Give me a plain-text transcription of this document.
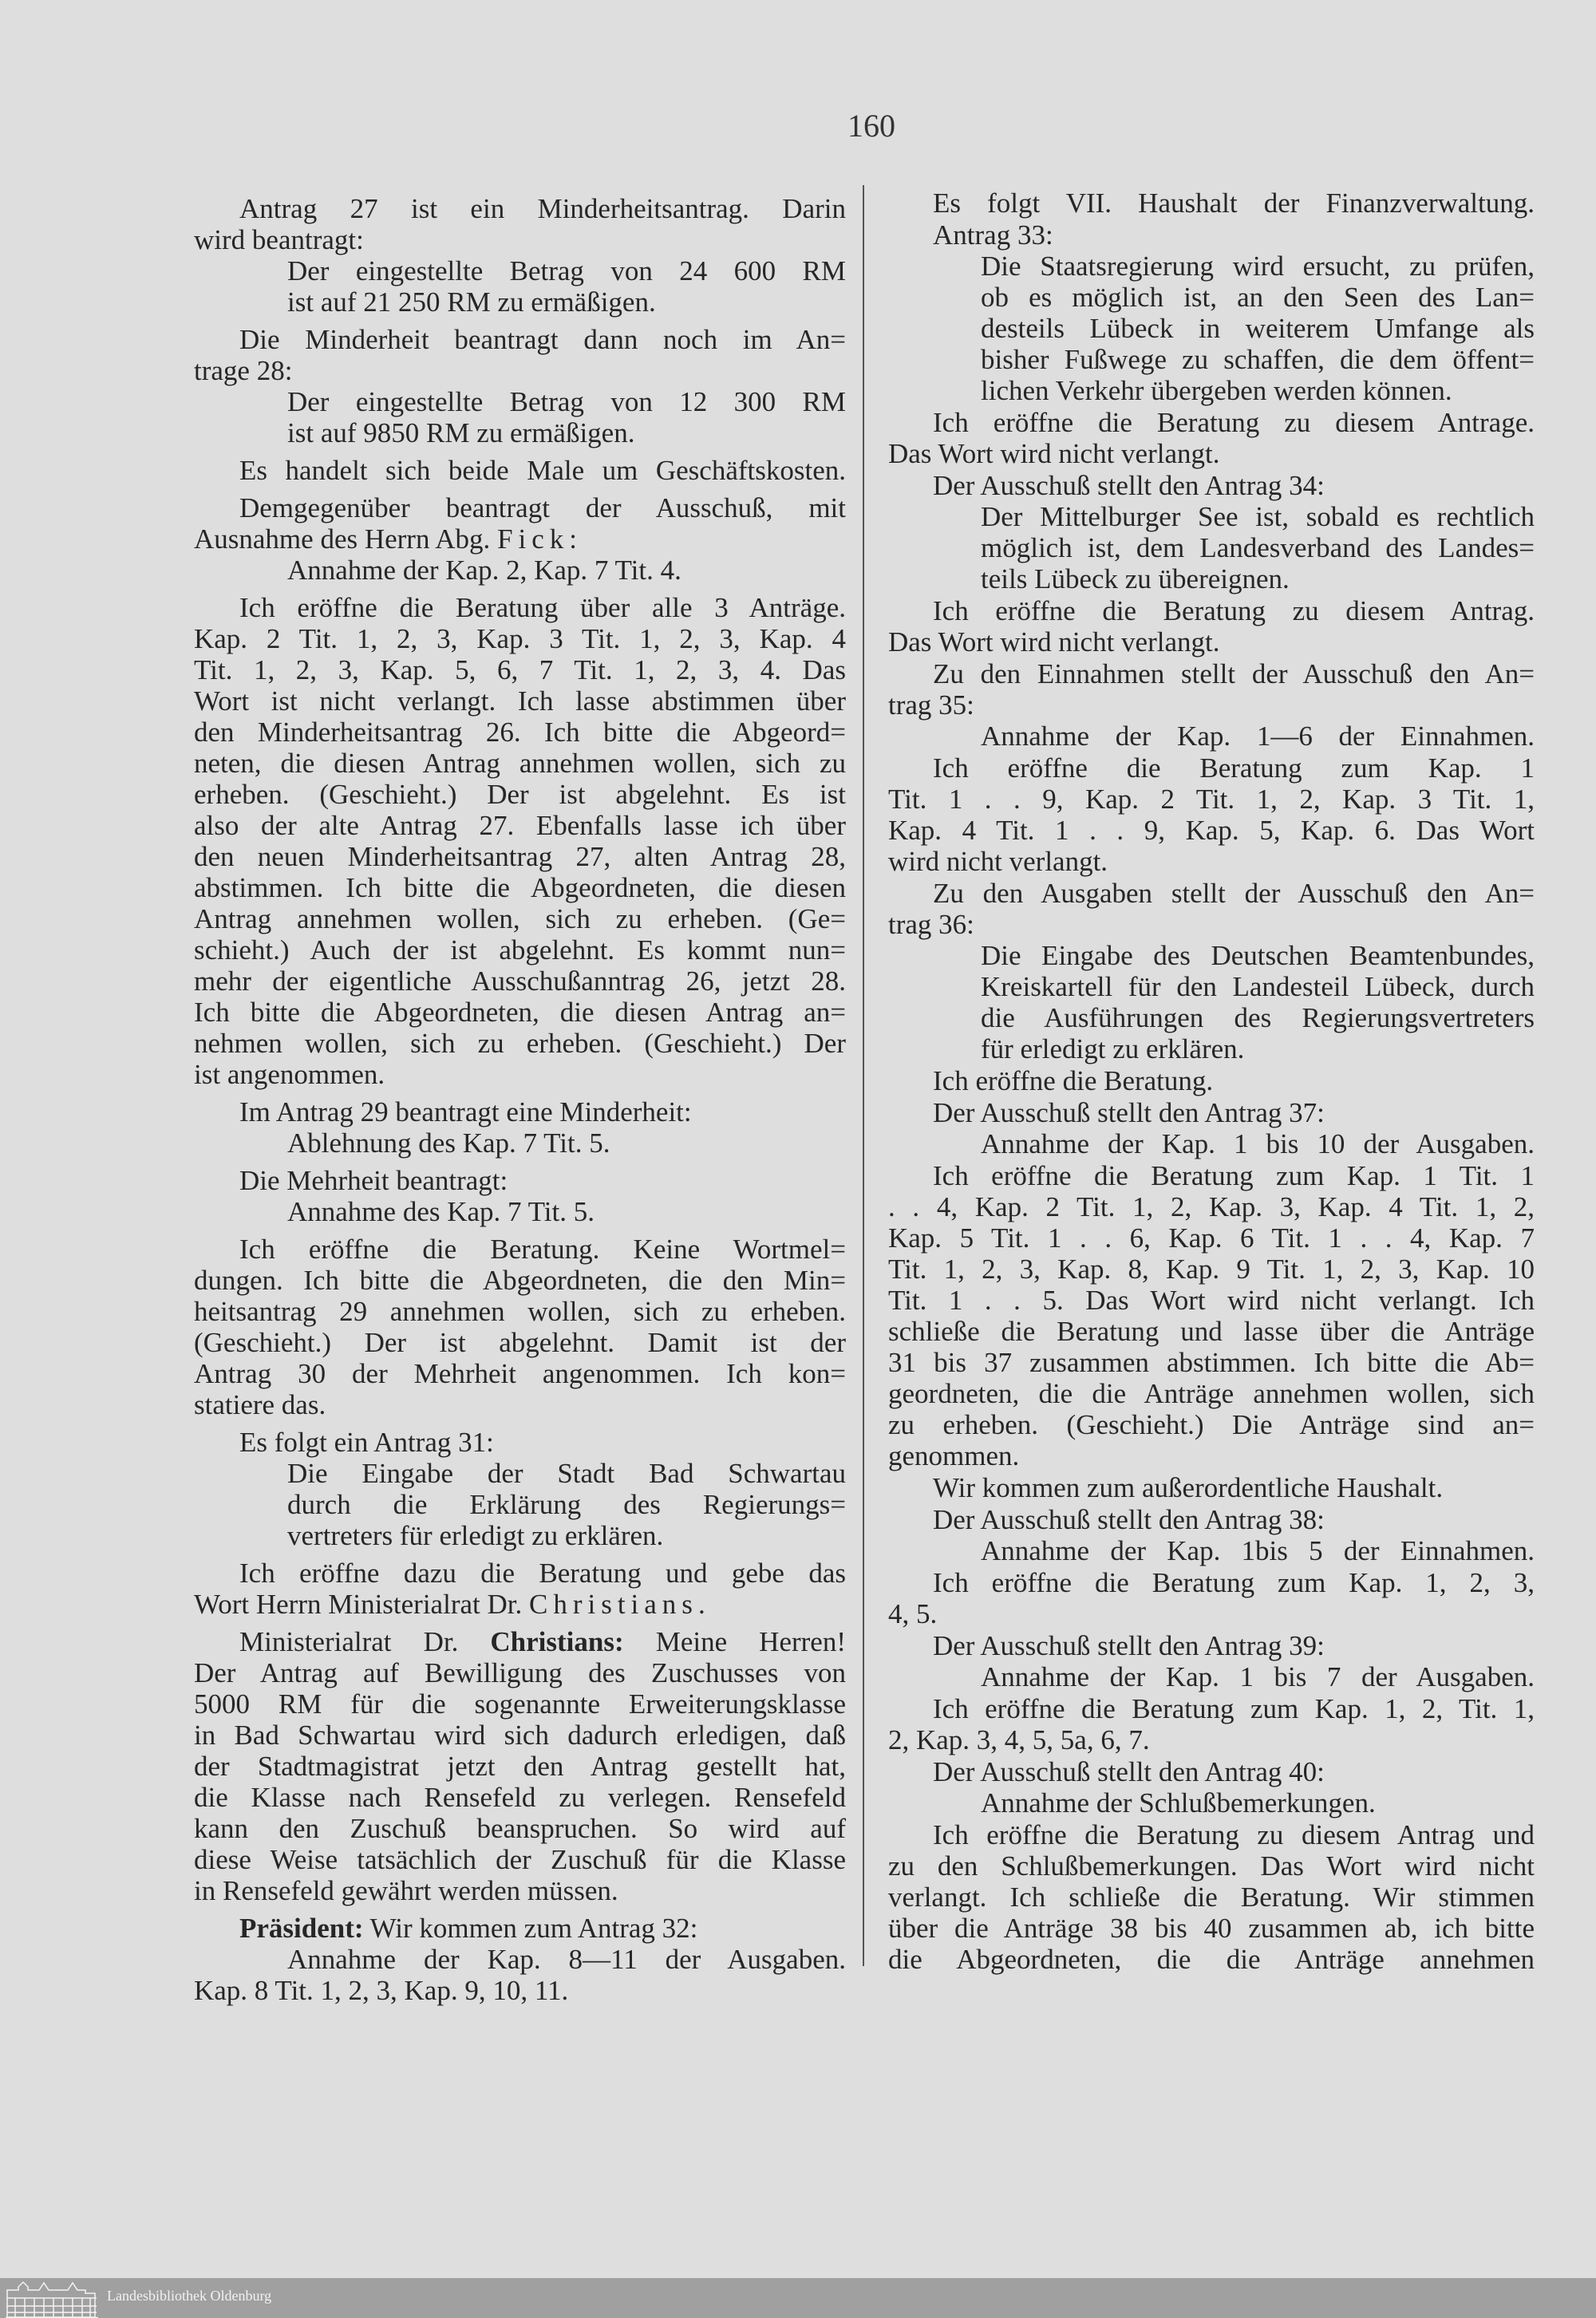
160
Antrag 27 ist ein Minderheitsantrag. Darin
wird beantragt:
Der eingestellte Betrag von 24 600 RM
ist auf 21 250 RM zu ermäßigen.
Die Minderheit beantragt dann noch im An=
trage 28:
Der eingestellte Betrag von 12 300 RM
ist auf 9850 RM zu ermäßigen.
Es handelt sich beide Male um Geschäftskosten.
Demgegenüber beantragt der Ausschuß, mit
Ausnahme des Herrn Abg. Fick:
Annahme der Kap. 2, Kap. 7 Tit. 4.
Ich eröffne die Beratung über alle 3 Anträge.
Kap. 2 Tit. 1, 2, 3, Kap. 3 Tit. 1, 2, 3, Kap. 4
Tit. 1, 2, 3, Kap. 5, 6, 7 Tit. 1, 2, 3, 4. Das
Wort ist nicht verlangt. Ich lasse abstimmen über
den Minderheitsantrag 26. Ich bitte die Abgeord=
neten, die diesen Antrag annehmen wollen, sich zu
erheben. (Geschieht.) Der ist abgelehnt. Es ist
also der alte Antrag 27. Ebenfalls lasse ich über
den neuen Minderheitsantrag 27, alten Antrag 28,
abstimmen. Ich bitte die Abgeordneten, die diesen
Antrag annehmen wollen, sich zu erheben. (Ge=
schieht.) Auch der ist abgelehnt. Es kommt nun=
mehr der eigentliche Ausschußanntrag 26, jetzt 28.
Ich bitte die Abgeordneten, die diesen Antrag an=
nehmen wollen, sich zu erheben. (Geschieht.) Der
ist angenommen.
Im Antrag 29 beantragt eine Minderheit:
Ablehnung des Kap. 7 Tit. 5.
Die Mehrheit beantragt:
Annahme des Kap. 7 Tit. 5.
Ich eröffne die Beratung. Keine Wortmel=
dungen. Ich bitte die Abgeordneten, die den Min=
heitsantrag 29 annehmen wollen, sich zu erheben.
(Geschieht.) Der ist abgelehnt. Damit ist der
Antrag 30 der Mehrheit angenommen. Ich kon=
statiere das.
Es folgt ein Antrag 31:
Die Eingabe der Stadt Bad Schwartau
durch die Erklärung des Regierungs=
vertreters für erledigt zu erklären.
Ich eröffne dazu die Beratung und gebe das
Wort Herrn Ministerialrat Dr. Christians.
Ministerialrat Dr. Christians: Meine Herren!
Der Antrag auf Bewilligung des Zuschusses von
5000 RM für die sogenannte Erweiterungsklasse
in Bad Schwartau wird sich dadurch erledigen, daß
der Stadtmagistrat jetzt den Antrag gestellt hat,
die Klasse nach Rensefeld zu verlegen. Rensefeld
kann den Zuschuß beanspruchen. So wird auf
diese Weise tatsächlich der Zuschuß für die Klasse
in Rensefeld gewährt werden müssen.
Präsident: Wir kommen zum Antrag 32:
Annahme der Kap. 8—11 der Ausgaben.
Kap. 8 Tit. 1, 2, 3, Kap. 9, 10, 11.
Es folgt VII. Haushalt der Finanzverwaltung.
Antrag 33:
Die Staatsregierung wird ersucht, zu prüfen,
ob es möglich ist, an den Seen des Lan=
desteils Lübeck in weiterem Umfange als
bisher Fußwege zu schaffen, die dem öffent=
lichen Verkehr übergeben werden können.
Ich eröffne die Beratung zu diesem Antrage.
Das Wort wird nicht verlangt.
Der Ausschuß stellt den Antrag 34:
Der Mittelburger See ist, sobald es rechtlich
möglich ist, dem Landesverband des Landes=
teils Lübeck zu übereignen.
Ich eröffne die Beratung zu diesem Antrag.
Das Wort wird nicht verlangt.
Zu den Einnahmen stellt der Ausschuß den An=
trag 35:
Annahme der Kap. 1—6 der Einnahmen.
Ich eröffne die Beratung zum Kap. 1
Tit. 1 . . 9, Kap. 2 Tit. 1, 2, Kap. 3 Tit. 1,
Kap. 4 Tit. 1 . . 9, Kap. 5, Kap. 6. Das Wort
wird nicht verlangt.
Zu den Ausgaben stellt der Ausschuß den An=
trag 36:
Die Eingabe des Deutschen Beamtenbundes,
Kreiskartell für den Landesteil Lübeck, durch
die Ausführungen des Regierungsvertreters
für erledigt zu erklären.
Ich eröffne die Beratung.
Der Ausschuß stellt den Antrag 37:
Annahme der Kap. 1 bis 10 der Ausgaben.
Ich eröffne die Beratung zum Kap. 1 Tit. 1
. . 4, Kap. 2 Tit. 1, 2, Kap. 3, Kap. 4 Tit. 1, 2,
Kap. 5 Tit. 1 . . 6, Kap. 6 Tit. 1 . . 4, Kap. 7
Tit. 1, 2, 3, Kap. 8, Kap. 9 Tit. 1, 2, 3, Kap. 10
Tit. 1 . . 5. Das Wort wird nicht verlangt. Ich
schließe die Beratung und lasse über die Anträge
31 bis 37 zusammen abstimmen. Ich bitte die Ab=
geordneten, die die Anträge annehmen wollen, sich
zu erheben. (Geschieht.) Die Anträge sind an=
genommen.
Wir kommen zum außerordentliche Haushalt.
Der Ausschuß stellt den Antrag 38:
Annahme der Kap. 1bis 5 der Einnahmen.
Ich eröffne die Beratung zum Kap. 1, 2, 3,
4, 5.
Der Ausschuß stellt den Antrag 39:
Annahme der Kap. 1 bis 7 der Ausgaben.
Ich eröffne die Beratung zum Kap. 1, 2, Tit. 1,
2, Kap. 3, 4, 5, 5a, 6, 7.
Der Ausschuß stellt den Antrag 40:
Annahme der Schlußbemerkungen.
Ich eröffne die Beratung zu diesem Antrag und
zu den Schlußbemerkungen. Das Wort wird nicht
verlangt. Ich schließe die Beratung. Wir stimmen
über die Anträge 38 bis 40 zusammen ab, ich bitte
die Abgeordneten, die die Anträge annehmen
Landesbibliothek Oldenburg
